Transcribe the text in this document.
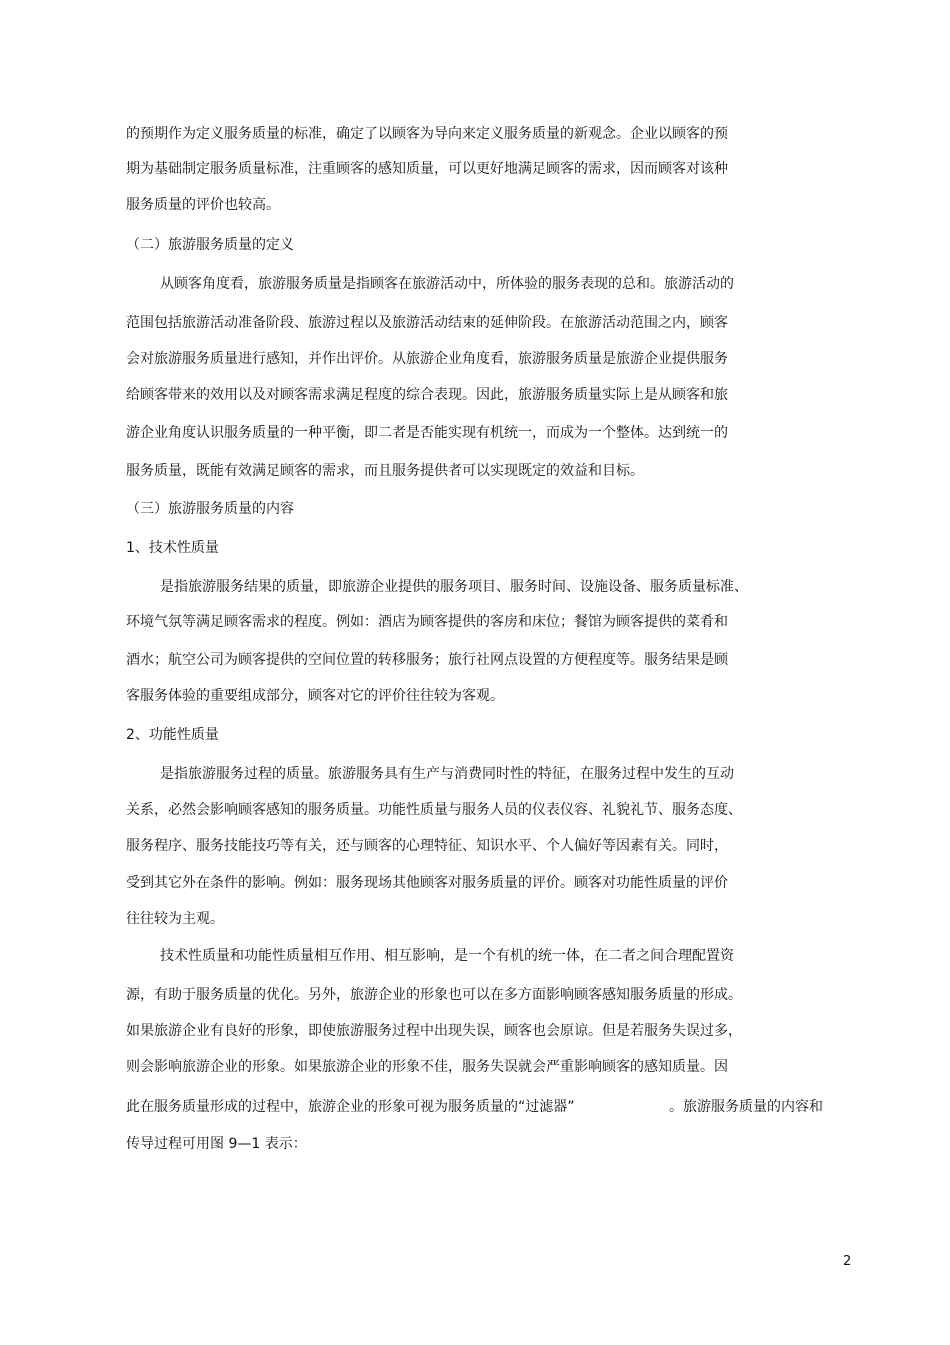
的预期作为定义服务质量的标准，确定了以顾客为导向来定义服务质量的新观念。企业以顾客的预
期为基础制定服务质量标准，注重顾客的感知质量，可以更好地满足顾客的需求，因而顾客对该种
服务质量的评价也较高。
（二）旅游服务质量的定义
从顾客角度看，旅游服务质量是指顾客在旅游活动中，所体验的服务表现的总和。旅游活动的
范围包括旅游活动准备阶段、旅游过程以及旅游活动结束的延伸阶段。在旅游活动范围之内，顾客
会对旅游服务质量进行感知，并作出评价。从旅游企业角度看，旅游服务质量是旅游企业提供服务
给顾客带来的效用以及对顾客需求满足程度的综合表现。因此，旅游服务质量实际上是从顾客和旅
游企业角度认识服务质量的一种平衡，即二者是否能实现有机统一，而成为一个整体。达到统一的
服务质量，既能有效满足顾客的需求，而且服务提供者可以实现既定的效益和目标。
（三）旅游服务质量的内容
1、技术性质量
是指旅游服务结果的质量，即旅游企业提供的服务项目、服务时间、设施设备、服务质量标准、
环境气氛等满足顾客需求的程度。例如：酒店为顾客提供的客房和床位；餐馆为顾客提供的菜肴和
酒水；航空公司为顾客提供的空间位置的转移服务；旅行社网点设置的方便程度等。服务结果是顾
客服务体验的重要组成部分，顾客对它的评价往往较为客观。
2、功能性质量
是指旅游服务过程的质量。旅游服务具有生产与消费同时性的特征，在服务过程中发生的互动
关系，必然会影响顾客感知的服务质量。功能性质量与服务人员的仪表仪容、礼貌礼节、服务态度、
服务程序、服务技能技巧等有关，还与顾客的心理特征、知识水平、个人偏好等因素有关。同时，
受到其它外在条件的影响。例如：服务现场其他顾客对服务质量的评价。顾客对功能性质量的评价
往往较为主观。
技术性质量和功能性质量相互作用、相互影响，是一个有机的统一体，在二者之间合理配置资
源，有助于服务质量的优化。另外，旅游企业的形象也可以在多方面影响顾客感知服务质量的形成。
如果旅游企业有良好的形象，即使旅游服务过程中出现失误，顾客也会原谅。但是若服务失误过多，
则会影响旅游企业的形象。如果旅游企业的形象不佳，服务失误就会严重影响顾客的感知质量。因
此在服务质量形成的过程中，旅游企业的形象可视为服务质量的“过滤器”	。旅游服务质量的内容和
传导过程可用图 9—1 表示：
2
